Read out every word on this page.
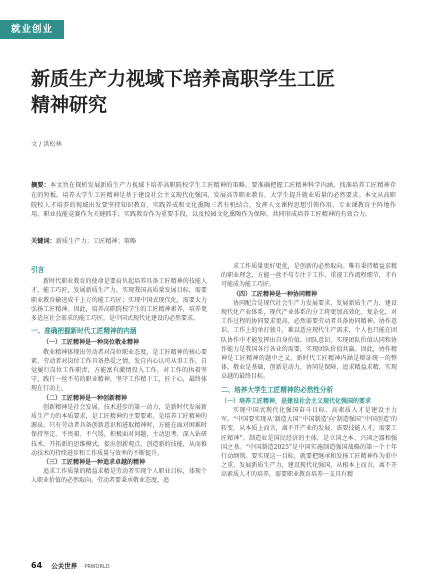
就业创业
新质生产力视域下培养高职学生工匠
精神研究
文 / 洪松林
摘要：本文旨在探析发展新质生产力视域下培养高职院校学生工匠精神的策略。要准确把握工匠精神科学内涵，找准培养工匠精神存在的短板。培养大学生工匠精神是基于建设社会主义现代化强国、发展高等职业教育、大学生提升就业质量的必然要求。本文从高职院校人才培养的视域出发要坚持知识教育、实践养成和文化熏陶三者有机结合，发挥人文课程思想引领作用，专业课教育主阵地作用，职业技能竞赛作为关键抓手，实践教育作为重要手段，以及校园文化熏陶作为保障，共同形成培养工匠精神的有效合力。
关键词：新质生产力；工匠精神；策略

引言

新时代职业教育的使命是要肩负起培养具备工匠精神的技能人才，能工巧匠，发展新质生产力，实现我国高质量发展目标，需要职业教育输送成千上万的能工巧匠；实现中国式现代化，需要大力弘扬工匠精神。因此，培养高职院校学生的工匠精神素养，培养更多适应社会需求的能工巧匠，是中国式现代化建设的必然要求。

一、准确把握新时代工匠精神的内涵

（一）工匠精神是一种岗位敬业精神

敬业精神体现出劳动者对岗位职业态度，是工匠精神的核心要素。劳动者对岗位工作具备热爱之情，发自内心认可从事工作，自觉履行岗位工作职责，方能富有激情投入工作，对工作的执着坚守，践行一丝不苟的职业精神，坚守工作精于工，匠于心，最终体现在行动上。

（二）工匠精神是一种创新精神

创新精神是社会发展、技术进步的第一动力，是新时代发展新质生产力的本质要求，是工匠精神的主要要素，是培养工匠精神的源泉。只有劳动者具备创新意识和进取精神时，方能在面对困难时保持坚定、不畏艰、不气馁，积极面对问题，主动思考，深入钻研技术，开拓新的思维模式，提出创新观点，创造新的技能，从而推动技术的持续进步和工作质量与效率的不断提升。

（三）工匠精神是一种追求卓越的精神

追求工作质量的精益求精是劳动者实现个人职业目标，体现个人职业价值的必然取向。劳动者要秉承敬业态度，追

求工作质量更好更优，是创新的必然取向。唯有秉持精益求精的职业理念，方能一丝不苟专注于工作，重视工作流程细节，才有可能成为能工巧匠。

（四）工匠精神是一种协同精神

协同配合是现代社会生产力发展要求，发展新质生产力，建设现代化产业体系，现代产业体系的分工将更加高效化、复杂化，对工作过程的协同要求更高，必然需要劳动者具备协同精神。协作意识，工作上的单打独斗，难以适应现代生产需求，个人也只能在团队协作中才能发挥出自身价值。团队意识、实现团队价值认同和协作能力是我国各行各业的需要，实现团队价值共赢。因此，协作精神是工匠精神的题中之义。新时代工匠精神内涵是辩证统一的整体，敬业是基础，创新是动力，协同是保障，追求精益求精，实现卓越的最终目标。

二、培养大学生工匠精神的必然性分析

（一）培养工匠精神，是建设社会主义现代化强国的要求

实现中国式现代化强国奋斗目标，高素质人才是建设主力军。“中国要实现从‘制造大国’‘中国制造’向‘制造强国’‘中国创造’的转变，从本质上而言，离不开产业的发展，需要技能人才，需要工匠精神”。制造业是国民经济的主体，是立国之本、兴国之器和强国之基。“中国制造2025”是中国实施制造强国战略的第一个十年行动纲领。要实现这一目标，就要把继承和发扬工匠精神作为重中之重，发展新质生产力，建设现代化强国，从根本上而言，离不开高素质人才的培养，需要职业教育培养一支具有精

64 公关世界 PRWORLD
